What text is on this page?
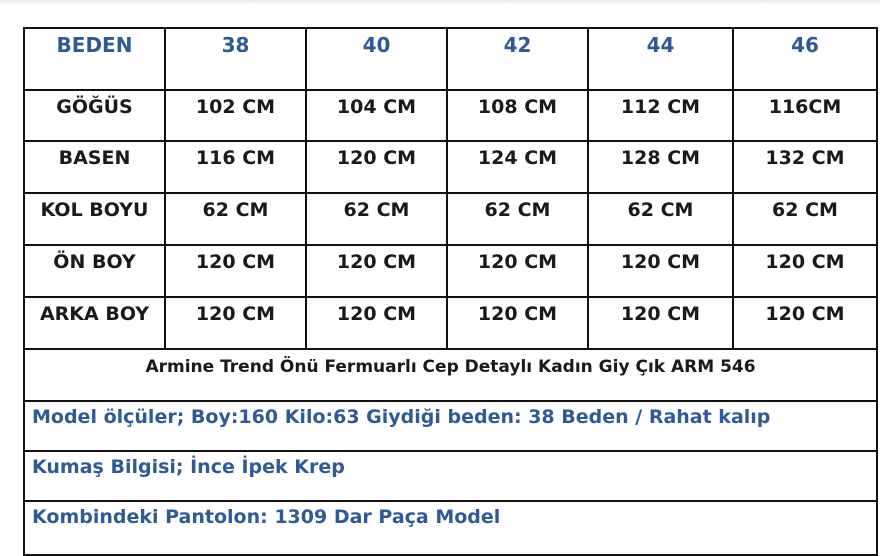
BEDEN	38	40	42	44	46
GÖĞÜS	102 CM	104 CM	108 CM	112 CM	116CM
BASEN	116 CM	120 CM	124 CM	128 CM	132 CM
KOL BOYU	62 CM	62 CM	62 CM	62 CM	62 CM
ÖN BOY	120 CM	120 CM	120 CM	120 CM	120 CM
ARKA BOY	120 CM	120 CM	120 CM	120 CM	120 CM
Armine Trend Önü Fermuarlı Cep Detaylı Kadın Giy Çık ARM 546					
Model ölçüler; Boy:160 Kilo:63 Giydiği beden: 38 Beden / Rahat kalıp					
Kumaş Bilgisi; İnce İpek Krep					
Kombindeki Pantolon: 1309 Dar Paça Model					
